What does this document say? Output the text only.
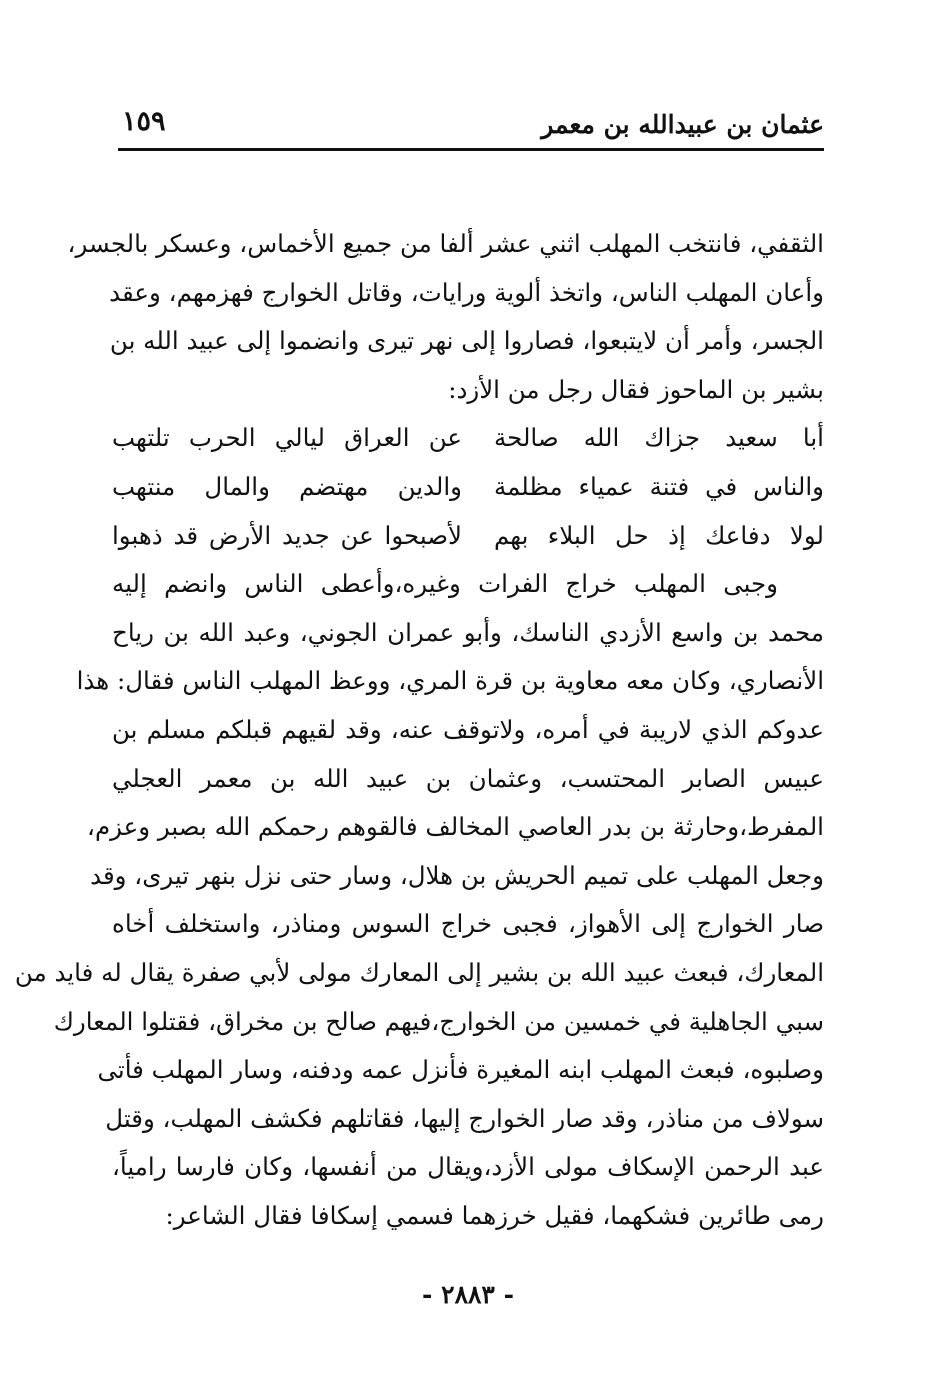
عثمان بن عبيدالله بن معمر
١٥٩
الثقفي، فانتخب المهلب اثني عشر ألفا من جميع الأخماس، وعسكر بالجسر،
وأعان المهلب الناس، واتخذ ألوية ورايات، وقاتل الخوارج فهزمهم، وعقد
الجسر، وأمر أن لايتبعوا، فصاروا إلى نهر تيرى وانضموا إلى عبيد الله بن
بشير بن الماحوز فقال رجل من الأزد:
أبا سعيد جزاك الله صالحة
عن العراق ليالي الحرب تلتهب
والناس في فتنة عمياء مظلمة
والدين مهتضم والمال منتهب
لولا دفاعك إذ حل البلاء بهم
لأصبحوا عن جديد الأرض قد ذهبوا
وجبى المهلب خراج الفرات وغيره،وأعطى الناس وانضم إليه
محمد بن واسع الأزدي الناسك، وأبو عمران الجوني، وعبد الله بن رياح
الأنصاري، وكان معه معاوية بن قرة المري، ووعظ المهلب الناس فقال: هذا
عدوكم الذي لاريبة في أمره، ولاتوقف عنه، وقد لقيهم قبلكم مسلم بن
عبيس الصابر المحتسب، وعثمان بن عبيد الله بن معمر العجلي
المفرط،وحارثة بن بدر العاصي المخالف فالقوهم رحمكم الله بصبر وعزم،
وجعل المهلب على تميم الحريش بن هلال، وسار حتى نزل بنهر تيرى، وقد
صار الخوارج إلى الأهواز، فجبى خراج السوس ومناذر، واستخلف أخاه
المعارك، فبعث عبيد الله بن بشير إلى المعارك مولى لأبي صفرة يقال له فايد من
سبي الجاهلية في خمسين من الخوارج،فيهم صالح بن مخراق، فقتلوا المعارك
وصلبوه، فبعث المهلب ابنه المغيرة فأنزل عمه ودفنه، وسار المهلب فأتى
سولاف من مناذر، وقد صار الخوارج إليها، فقاتلهم فكشف المهلب، وقتل
عبد الرحمن الإسكاف مولى الأزد،ويقال من أنفسها، وكان فارسا رامياً،
رمى طائرين فشكهما، فقيل خرزهما فسمي إسكافا فقال الشاعر:
- ٢٨٨٣ -
